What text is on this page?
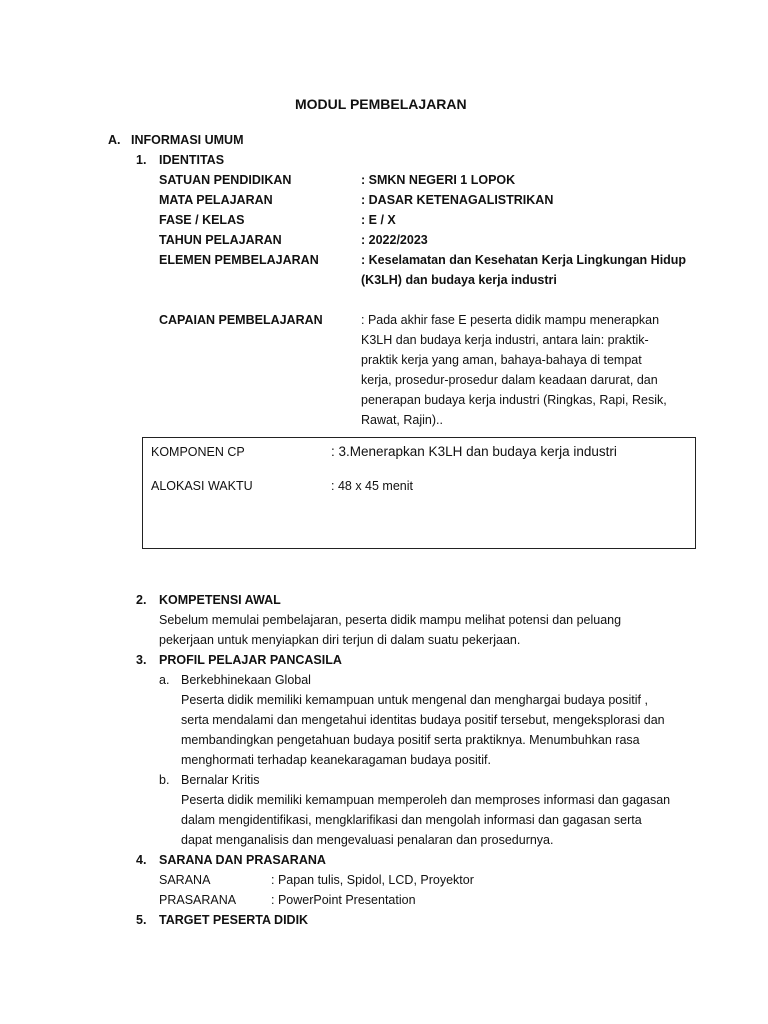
MODUL PEMBELAJARAN
A. INFORMASI UMUM
1. IDENTITAS
SATUAN PENDIDIKAN	: SMKN NEGERI 1 LOPOK
MATA PELAJARAN	: DASAR KETENAGALISTRIKAN
FASE / KELAS	: E / X
TAHUN PELAJARAN	: 2022/2023
ELEMEN PEMBELAJARAN	: Keselamatan dan Kesehatan Kerja Lingkungan Hidup
(K3LH) dan budaya kerja industri
CAPAIAN PEMBELAJARAN	: Pada akhir fase E peserta didik mampu menerapkan
K3LH dan budaya kerja industri, antara lain: praktik-
praktik kerja yang aman, bahaya-bahaya di tempat
kerja, prosedur-prosedur dalam keadaan darurat, dan
penerapan budaya kerja industri (Ringkas, Rapi, Resik,
Rawat, Rajin)..
KOMPONEN CP	: 3.Menerapkan K3LH dan budaya kerja industri
ALOKASI WAKTU	: 48 x 45 menit
2. KOMPETENSI AWAL
Sebelum memulai pembelajaran, peserta didik mampu melihat potensi dan peluang
pekerjaan untuk menyiapkan diri terjun di dalam suatu pekerjaan.
3. PROFIL PELAJAR PANCASILA
a. Berkebhinekaan Global
Peserta didik memiliki kemampuan untuk mengenal dan menghargai budaya positif ,
serta mendalami dan mengetahui identitas budaya positif tersebut, mengeksplorasi dan
membandingkan pengetahuan budaya positif serta praktiknya. Menumbuhkan rasa
menghormati terhadap keanekaragaman budaya positif.
b. Bernalar Kritis
Peserta didik memiliki kemampuan memperoleh dan memproses informasi dan gagasan
dalam mengidentifikasi, mengklarifikasi dan mengolah informasi dan gagasan serta
dapat menganalisis dan mengevaluasi penalaran dan prosedurnya.
4. SARANA DAN PRASARANA
SARANA	: Papan tulis, Spidol, LCD, Proyektor
PRASARANA	: PowerPoint Presentation
5. TARGET PESERTA DIDIK
